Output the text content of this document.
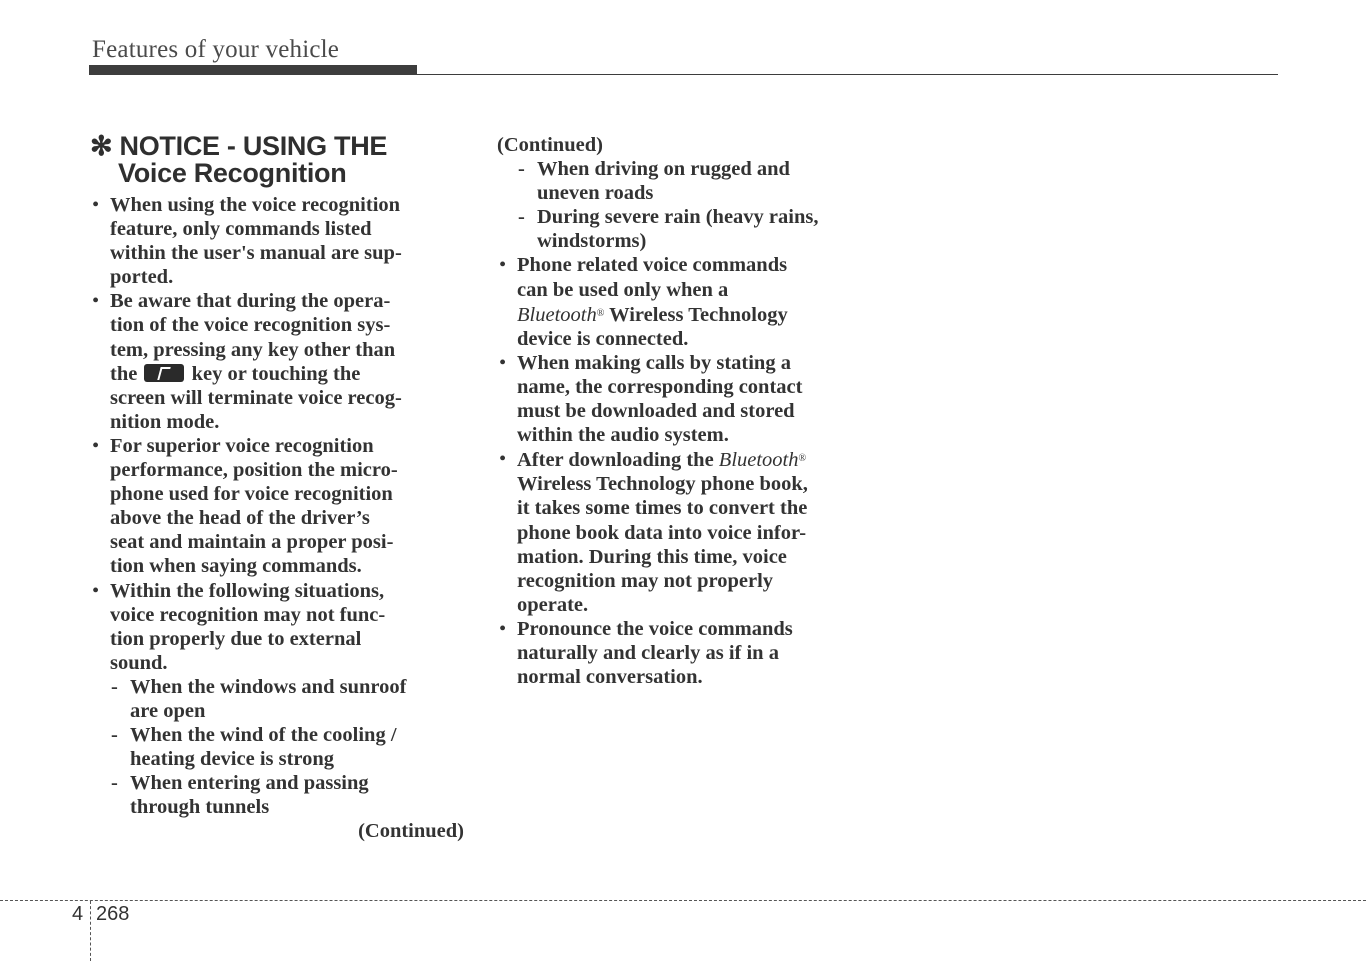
Features of your vehicle
✻ NOTICE - USING THE
Voice Recognition
• When using the voice recognition
feature, only commands listed
within the user's manual are sup-
ported.
• Be aware that during the opera-
tion of the voice recognition sys-
tem, pressing any key other than
the	key or touching the
screen will terminate voice recog-
nition mode.
• For superior voice recognition
performance, position the micro-
phone used for voice recognition
above the head of the driver’s
seat and maintain a proper posi-
tion when saying commands.
• Within the following situations,
voice recognition may not func-
tion properly due to external
sound.
- When the windows and sunroof
are open
- When the wind of the cooling /
heating device is strong
- When entering and passing
through tunnels
(Continued)
(Continued)
- When driving on rugged and
uneven roads
- During severe rain (heavy rains,
windstorms)
• Phone related voice commands
can be used only when a
Bluetooth® Wireless Technology
device is connected.
• When making calls by stating a
name, the corresponding contact
must be downloaded and stored
within the audio system.
• After downloading the Bluetooth®
Wireless Technology phone book,
it takes some times to convert the
phone book data into voice infor-
mation. During this time, voice
recognition may not properly
operate.
• Pronounce the voice commands
naturally and clearly as if in a
normal conversation.
4 268
